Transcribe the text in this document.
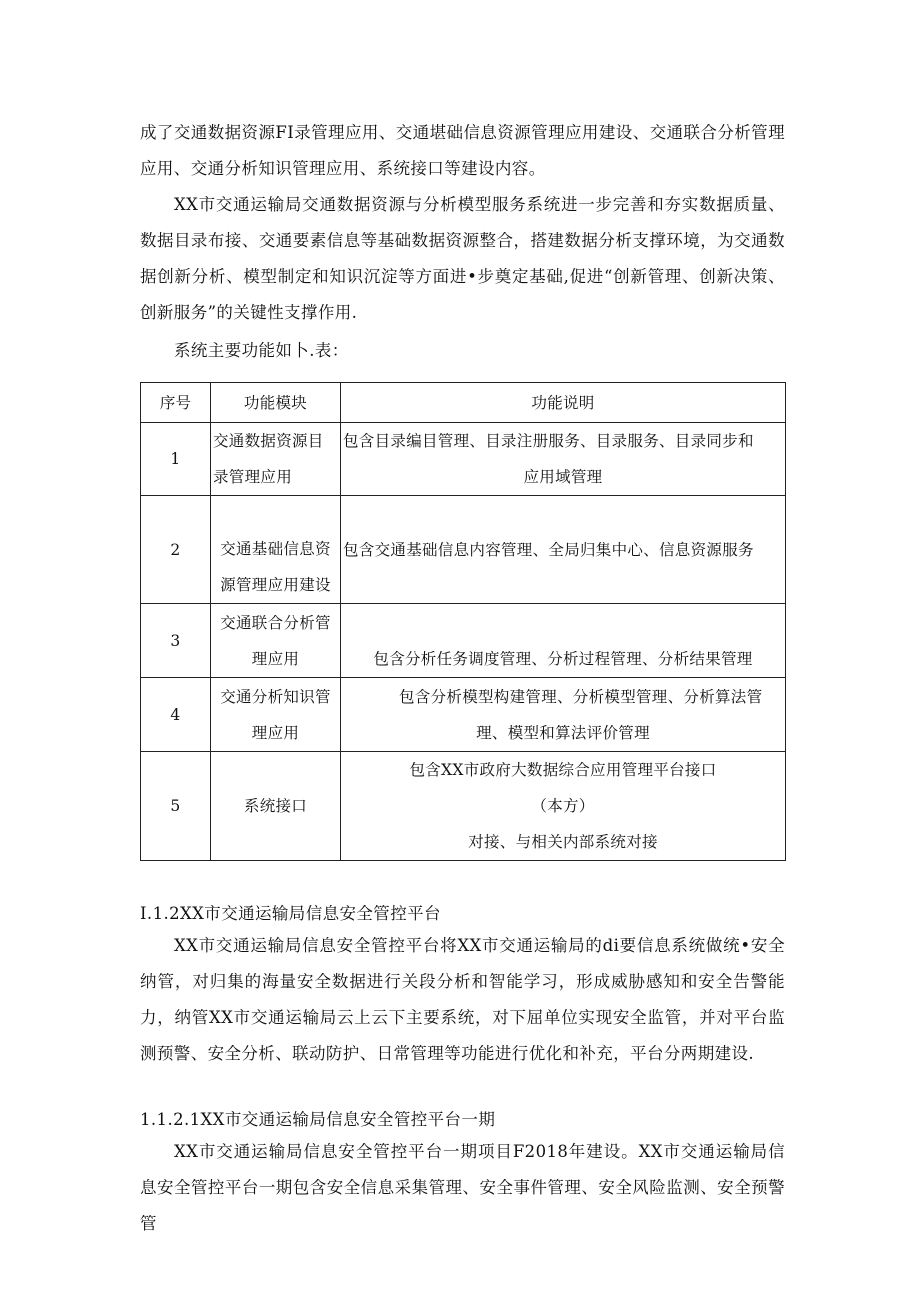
成了交通数据资源FI录管理应用、交通堪础信息资源管理应用建设、交通联合分析管理应用、交通分析知识管理应用、系统接口等建设内容。

XX市交通运输局交通数据资源与分析模型服务系统进一步完善和夯实数据质量、数据目录布接、交通要素信息等基础数据资源整合，搭建数据分析支撑环境，为交通数据创新分析、模型制定和知识沉淀等方面进•步奠定基础,促进“创新管理、创新决策、创新服务”的关键性支撑作用.

系统主要功能如卜.表：

序号	功能模块	功能说明
1	交通数据资源目录管理应用	包含目录编目管理、目录注册服务、目录服务、目录同步和
应用域管理

2	交通基础信息资源管理应用建设	包含交通基础信息内容管理、全局归集中心、信息资源服务

3	交通联合分析管理应用	包含分析任务调度管理、分析过程管理、分析结果管理

4	交通分析知识管理应用	包含分析模型构建管理、分析模型管理、分析算法管
理、模型和算法评价管理

5	系统接口	包含XX市政府大数据综合应用管理平台接口
（本方）
对接、与相关内部系统对接

I.1.2XX市交通运输局信息安全管控平台

XX市交通运输局信息安全管控平台将XX市交通运输局的di要信息系统做统•安全纳管，对归集的海量安全数据进行关段分析和智能学习，形成威胁感知和安全告警能力，纳管XX市交通运输局云上云下主要系统，对下屈单位实现安全监管，并对平台监测预警、安全分析、联动防护、日常管理等功能进行优化和补充，平台分两期建设.

1.1.2.1XX市交通运输局信息安全管控平台一期

XX市交通运输局信息安全管控平台一期项目F2018年建设。XX市交通运输局信息安全管控平台一期包含安全信息采集管理、安全事件管理、安全风险监测、安全预警管
